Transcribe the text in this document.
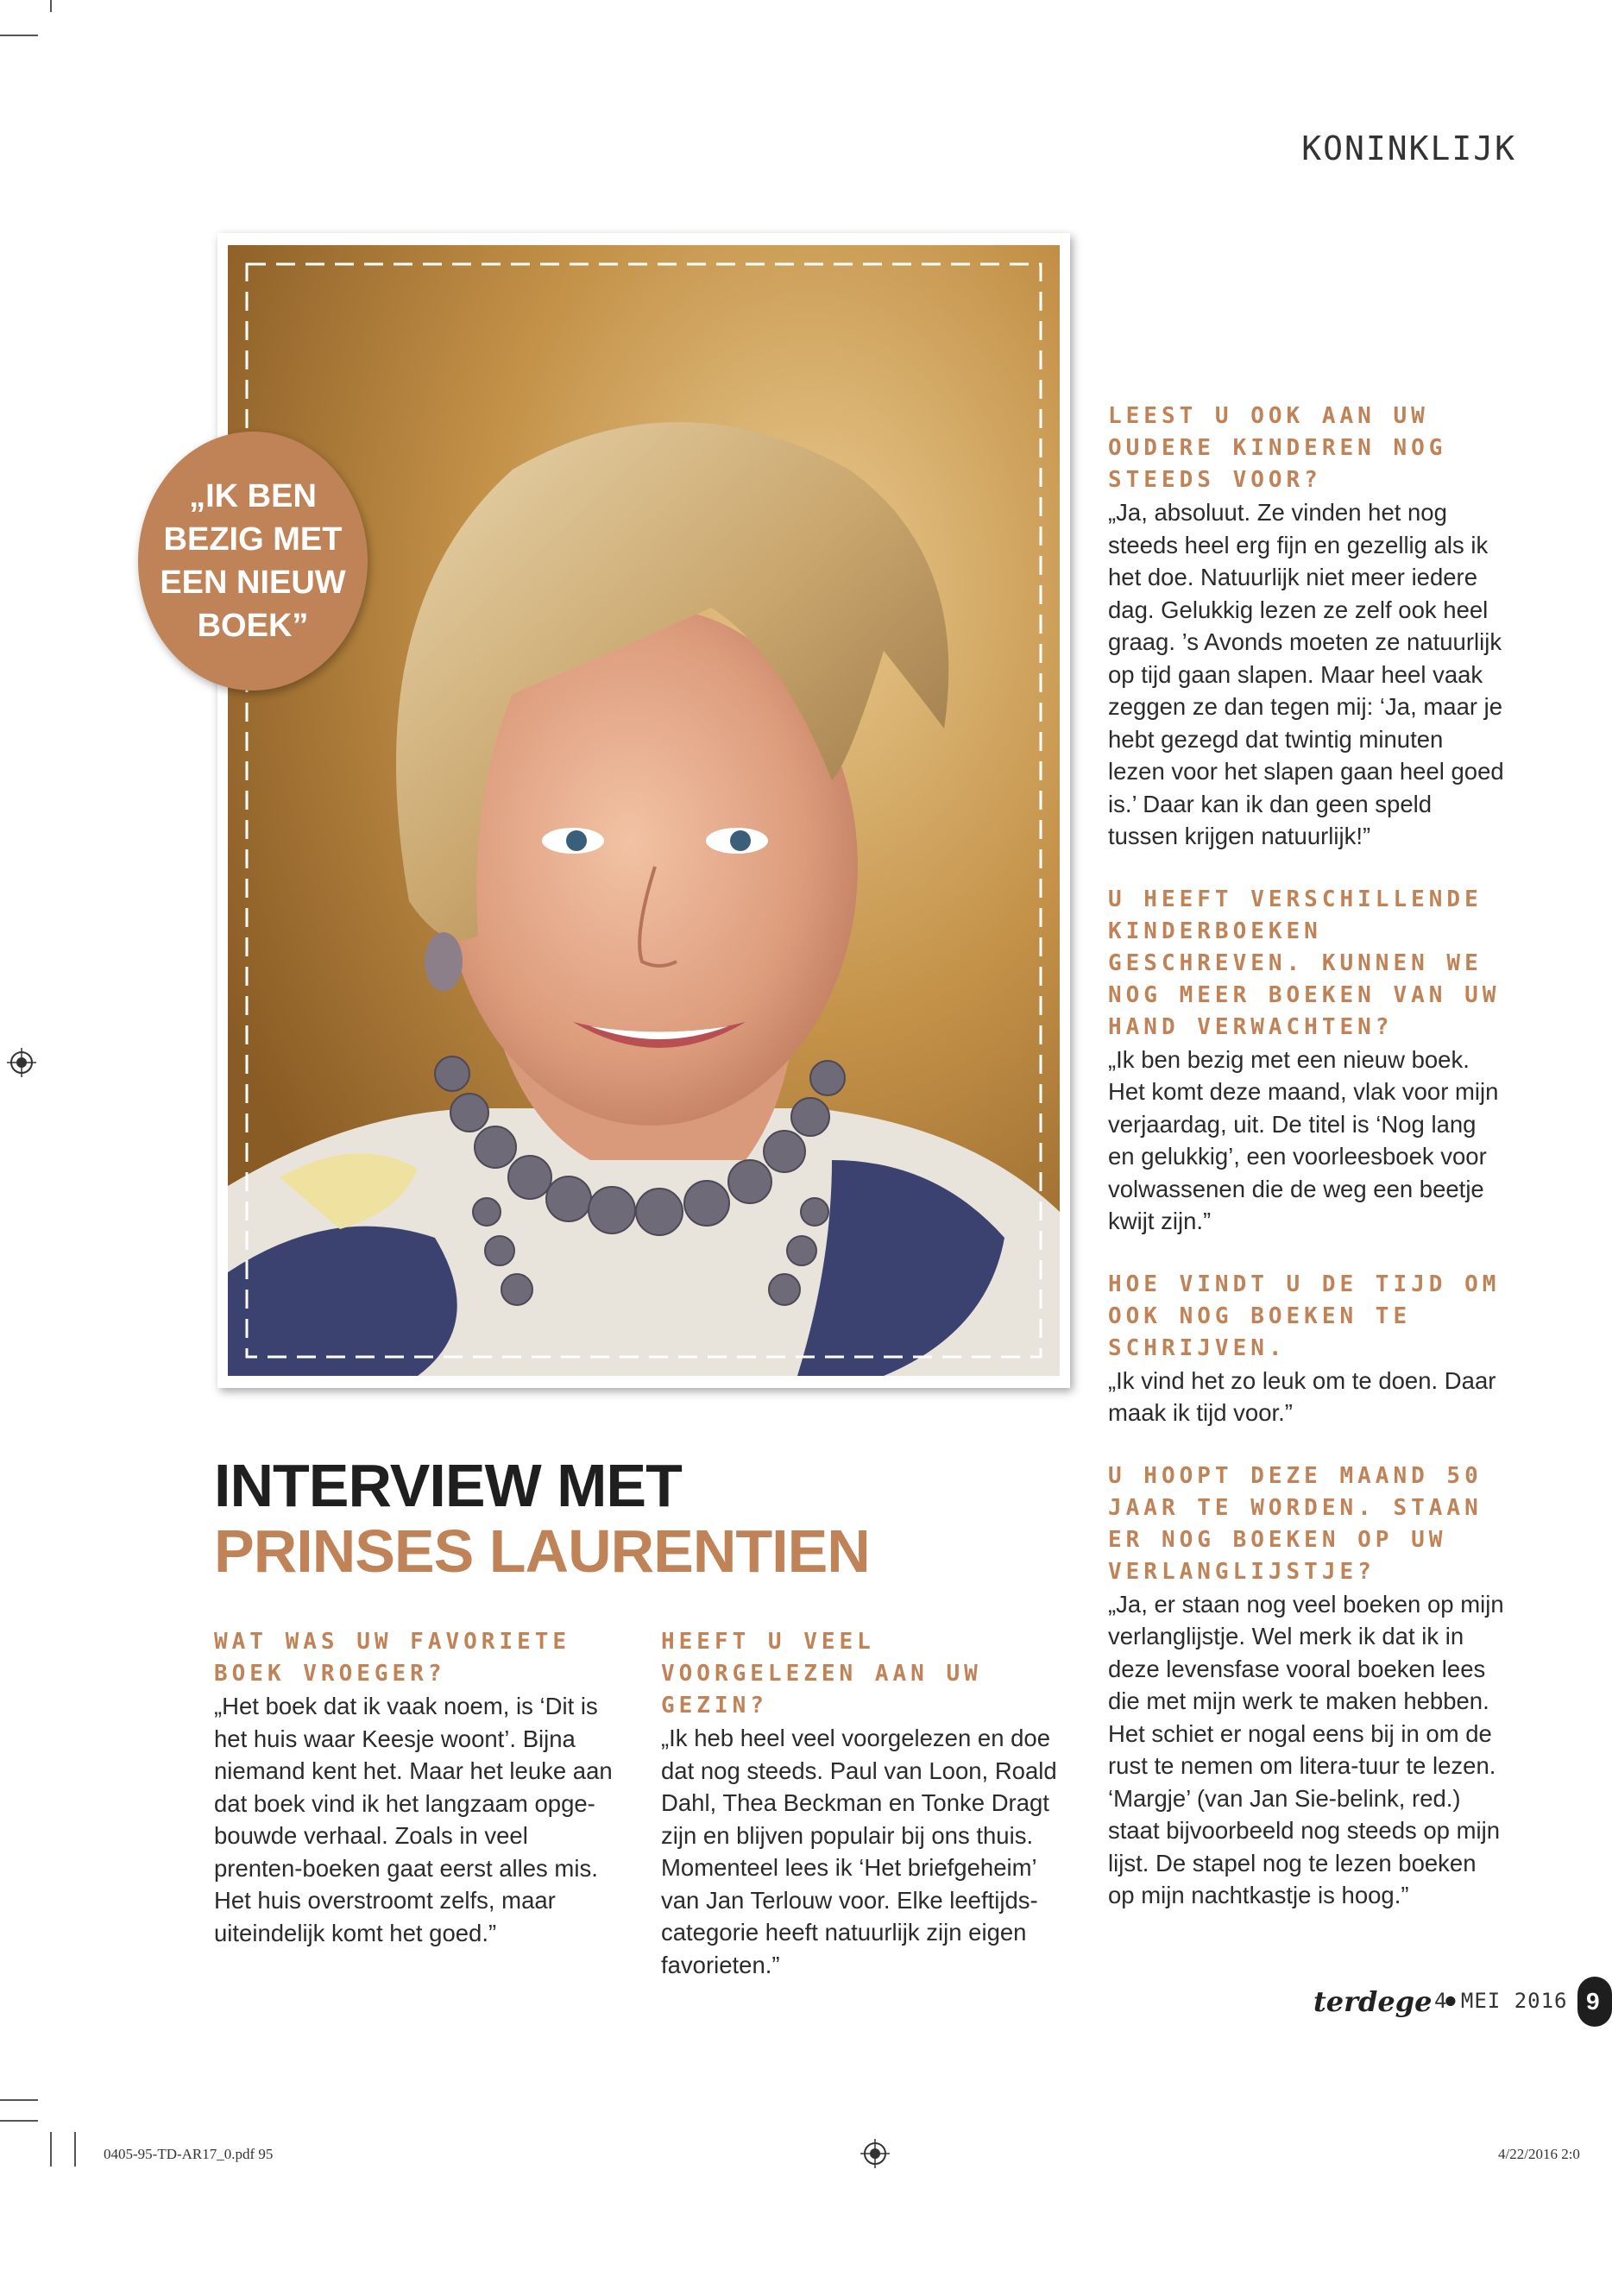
KONINKLIJK
„IK BEN BEZIG MET EEN NIEUW BOEK”
INTERVIEW MET
PRINSES LAURENTIEN

WAT WAS UW FAVORIETE BOEK VROEGER?

„Het boek dat ik vaak noem, is ‘Dit is het huis waar Keesje woont’. Bijna niemand kent het. Maar het leuke aan dat boek vind ik het langzaam opge-bouwde verhaal. Zoals in veel prenten-boeken gaat eerst alles mis. Het huis overstroomt zelfs, maar uiteindelijk komt het goed.”

HEEFT U VEEL VOORGELEZEN AAN UW GEZIN?

„Ik heb heel veel voorgelezen en doe dat nog steeds. Paul van Loon, Roald Dahl, Thea Beckman en Tonke Dragt zijn en blijven populair bij ons thuis. Momenteel lees ik ‘Het briefgeheim’ van Jan Terlouw voor. Elke leeftijds-categorie heeft natuurlijk zijn eigen favorieten.”

LEEST U OOK AAN UW OUDERE KINDEREN NOG STEEDS VOOR?

„Ja, absoluut. Ze vinden het nog steeds heel erg fijn en gezellig als ik het doe. Natuurlijk niet meer iedere dag. Gelukkig lezen ze zelf ook heel graag. ’s Avonds moeten ze natuurlijk op tijd gaan slapen. Maar heel vaak zeggen ze dan tegen mij: ‘Ja, maar je hebt gezegd dat twintig minuten lezen voor het slapen gaan heel goed is.’ Daar kan ik dan geen speld tussen krijgen natuurlijk!”

U HEEFT VERSCHILLENDE KINDERBOEKEN GESCHREVEN. KUNNEN WE NOG MEER BOEKEN VAN UW HAND VERWACHTEN?

„Ik ben bezig met een nieuw boek. Het komt deze maand, vlak voor mijn verjaardag, uit. De titel is ‘Nog lang en gelukkig’, een voorleesboek voor volwassenen die de weg een beetje kwijt zijn.”

HOE VINDT U DE TIJD OM OOK NOG BOEKEN TE SCHRIJVEN.

„Ik vind het zo leuk om te doen. Daar maak ik tijd voor.”

U HOOPT DEZE MAAND 50 JAAR TE WORDEN. STAAN ER NOG BOEKEN OP UW VERLANGLIJSTJE?

„Ja, er staan nog veel boeken op mijn verlanglijstje. Wel merk ik dat ik in deze levensfase vooral boeken lees die met mijn werk te maken hebben. Het schiet er nogal eens bij in om de rust te nemen om litera-tuur te lezen. ‘Margje’ (van Jan Sie-belink, red.) staat bijvoorbeeld nog steeds op mijn lijst. De stapel nog te lezen boeken op mijn nachtkastje is hoog.”

terdege •
4 MEI 2016 9
0405-95-TD-AR17_0.pdf 95	4/22/2016 2:0
